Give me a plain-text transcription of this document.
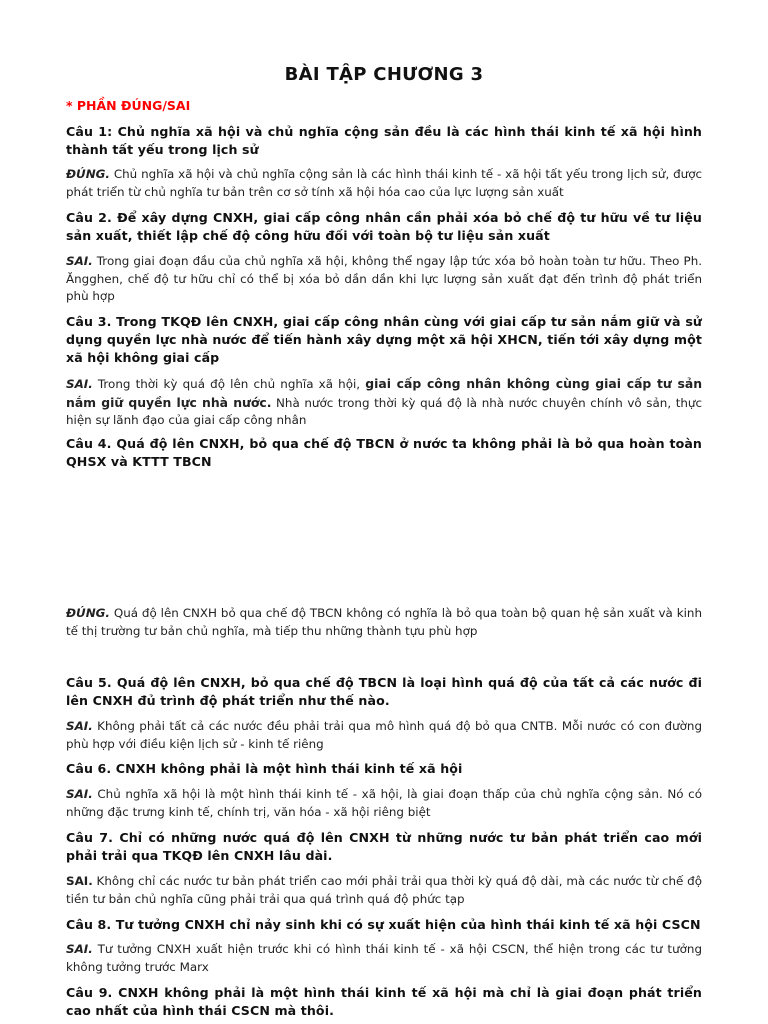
BÀI TẬP CHƯƠNG 3

* PHẦN ĐÚNG/SAI

Câu 1: Chủ nghĩa xã hội và chủ nghĩa cộng sản đều là các hình thái kinh tế xã hội hình thành tất yếu trong lịch sử

ĐÚNG. Chủ nghĩa xã hội và chủ nghĩa cộng sản là các hình thái kinh tế - xã hội tất yếu trong lịch sử, được phát triển từ chủ nghĩa tư bản trên cơ sở tính xã hội hóa cao của lực lượng sản xuất

Câu 2. Để xây dựng CNXH, giai cấp công nhân cần phải xóa bỏ chế độ tư hữu về tư liệu sản xuất, thiết lập chế độ công hữu đối với toàn bộ tư liệu sản xuất

SAI. Trong giai đoạn đầu của chủ nghĩa xã hội, không thể ngay lập tức xóa bỏ hoàn toàn tư hữu. Theo Ph. Ăngghen, chế độ tư hữu chỉ có thể bị xóa bỏ dần dần khi lực lượng sản xuất đạt đến trình độ phát triển phù hợp

Câu 3. Trong TKQĐ lên CNXH, giai cấp công nhân cùng với giai cấp tư sản nắm giữ và sử dụng quyền lực nhà nước để tiến hành xây dựng một xã hội XHCN, tiến tới xây dựng một xã hội không giai cấp

SAI. Trong thời kỳ quá độ lên chủ nghĩa xã hội, giai cấp công nhân không cùng giai cấp tư sản nắm giữ quyền lực nhà nước. Nhà nước trong thời kỳ quá độ là nhà nước chuyên chính vô sản, thực hiện sự lãnh đạo của giai cấp công nhân

Câu 4. Quá độ lên CNXH, bỏ qua chế độ TBCN ở nước ta không phải là bỏ qua hoàn toàn QHSX và KTTT TBCN

ĐÚNG. Quá độ lên CNXH bỏ qua chế độ TBCN không có nghĩa là bỏ qua toàn bộ quan hệ sản xuất và kinh tế thị trường tư bản chủ nghĩa, mà tiếp thu những thành tựu phù hợp

Câu 5. Quá độ lên CNXH, bỏ qua chế độ TBCN là loại hình quá độ của tất cả các nước đi lên CNXH đủ trình độ phát triển như thế nào.

SAI. Không phải tất cả các nước đều phải trải qua mô hình quá độ bỏ qua CNTB. Mỗi nước có con đường phù hợp với điều kiện lịch sử - kinh tế riêng

Câu 6. CNXH không phải là một hình thái kinh tế xã hội

SAI. Chủ nghĩa xã hội là một hình thái kinh tế - xã hội, là giai đoạn thấp của chủ nghĩa cộng sản. Nó có những đặc trưng kinh tế, chính trị, văn hóa - xã hội riêng biệt

Câu 7. Chỉ có những nước quá độ lên CNXH từ những nước tư bản phát triển cao mới phải trải qua TKQĐ lên CNXH lâu dài.

SAI. Không chỉ các nước tư bản phát triển cao mới phải trải qua thời kỳ quá độ dài, mà các nước từ chế độ tiền tư bản chủ nghĩa cũng phải trải qua quá trình quá độ phức tạp

Câu 8. Tư tưởng CNXH chỉ nảy sinh khi có sự xuất hiện của hình thái kinh tế xã hội CSCN

SAI. Tư tưởng CNXH xuất hiện trước khi có hình thái kinh tế - xã hội CSCN, thể hiện trong các tư tưởng không tưởng trước Marx

Câu 9. CNXH không phải là một hình thái kinh tế xã hội mà chỉ là giai đoạn phát triển cao nhất của hình thái CSCN mà thôi.
